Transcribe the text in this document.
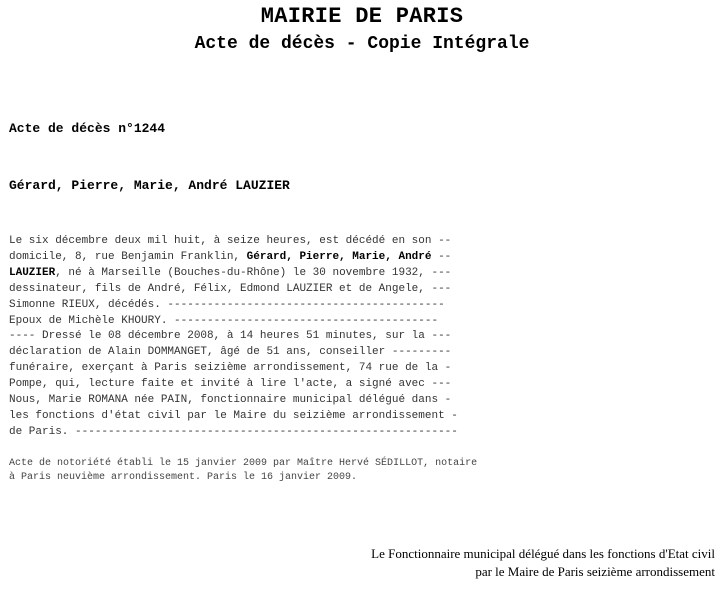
MAIRIE DE PARIS
Acte de décès - Copie Intégrale
Acte de décès n°1244
Gérard, Pierre, Marie, André LAUZIER
Le six décembre deux mil huit, à seize heures, est décédé en son --
domicile, 8, rue Benjamin Franklin, Gérard, Pierre, Marie, André --
LAUZIER, né à Marseille (Bouches-du-Rhône) le 30 novembre 1932, ---
dessinateur, fils de André, Félix, Edmond LAUZIER et de Angele, ---
Simonne RIEUX, décédés. ------------------------------------------
Epoux de Michèle KHOURY. ----------------------------------------
---- Dressé le 08 décembre 2008, à 14 heures 51 minutes, sur la ---
déclaration de Alain DOMMANGET, âgé de 51 ans, conseiller ---------
funéraire, exerçant à Paris seizième arrondissement, 74 rue de la -
Pompe, qui, lecture faite et invité à lire l'acte, a signé avec ---
Nous, Marie ROMANA née PAIN, fonctionnaire municipal délégué dans -
les fonctions d'état civil par le Maire du seizième arrondissement -
de Paris. ----------------------------------------------------------
Acte de notoriété établi le 15 janvier 2009 par Maître Hervé SÉDILLOT, notaire
à Paris neuvième arrondissement. Paris le 16 janvier 2009.
Le Fonctionnaire municipal délégué dans les fonctions d'Etat civil
par le Maire de Paris seizième arrondissement
